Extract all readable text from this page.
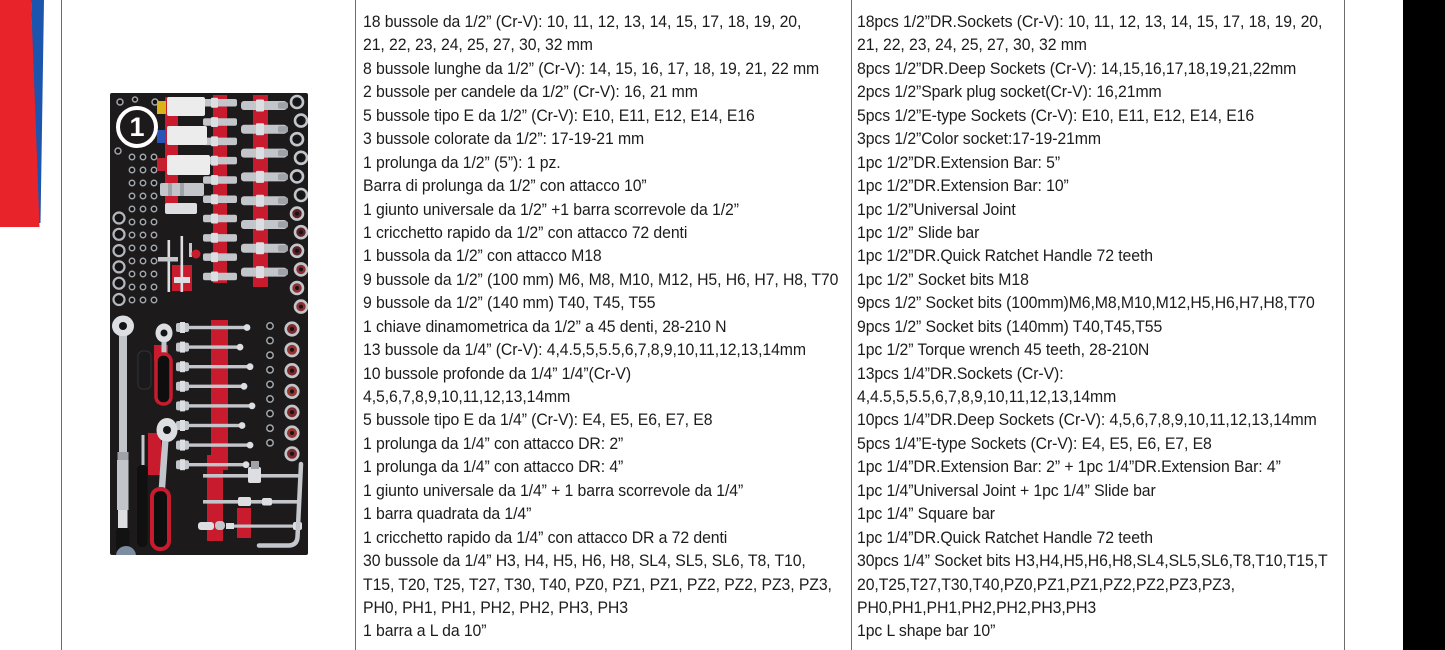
1
18 bussole da 1/2” (Cr-V): 10, 11, 12, 13, 14, 15, 17, 18, 19, 20,
21, 22, 23, 24, 25, 27, 30, 32 mm
8 bussole lunghe da 1/2” (Cr-V): 14, 15, 16, 17, 18, 19, 21, 22 mm
2 bussole per candele da 1/2” (Cr-V): 16, 21 mm
5 bussole tipo E da 1/2” (Cr-V): E10, E11, E12, E14, E16
3 bussole colorate da 1/2”: 17-19-21 mm
1 prolunga da 1/2” (5”): 1 pz.
Barra di prolunga da 1/2” con attacco 10”
1 giunto universale da 1/2” +1 barra scorrevole da 1/2”
1 cricchetto rapido da 1/2” con attacco 72 denti
1 bussola da 1/2” con attacco M18
9 bussole da 1/2” (100 mm) M6, M8, M10, M12, H5, H6, H7, H8, T70
9 bussole da 1/2” (140 mm) T40, T45, T55
1 chiave dinamometrica da 1/2” a 45 denti, 28-210 N
13 bussole da 1/4” (Cr-V): 4,4.5,5,5.5,6,7,8,9,10,11,12,13,14mm
10 bussole profonde da 1/4” 1/4”(Cr-V)
4,5,6,7,8,9,10,11,12,13,14mm
5 bussole tipo E da 1/4” (Cr-V): E4, E5, E6, E7, E8
1 prolunga da 1/4” con attacco DR: 2”
1 prolunga da 1/4” con attacco DR: 4”
1 giunto universale da 1/4” + 1 barra scorrevole da 1/4”
1 barra quadrata da 1/4”
1 cricchetto rapido da 1/4” con attacco DR a 72 denti
30 bussole da 1/4” H3, H4, H5, H6, H8, SL4, SL5, SL6, T8, T10,
T15, T20, T25, T27, T30, T40, PZ0, PZ1, PZ1, PZ2, PZ2, PZ3, PZ3,
PH0, PH1, PH1, PH2, PH2, PH3, PH3
1 barra a L da 10”
18pcs 1/2”DR.Sockets (Cr-V): 10, 11, 12, 13, 14, 15, 17, 18, 19, 20,
21, 22, 23, 24, 25, 27, 30, 32 mm
8pcs 1/2”DR.Deep Sockets (Cr-V): 14,15,16,17,18,19,21,22mm
2pcs 1/2”Spark plug socket(Cr-V): 16,21mm
5pcs 1/2”E-type Sockets (Cr-V): E10, E11, E12, E14, E16
3pcs 1/2”Color socket:17-19-21mm
1pc 1/2”DR.Extension Bar: 5”
1pc 1/2”DR.Extension Bar: 10”
1pc 1/2”Universal Joint
1pc 1/2” Slide bar
1pc 1/2”DR.Quick Ratchet Handle 72 teeth
1pc 1/2” Socket bits M18
9pcs 1/2” Socket bits (100mm)M6,M8,M10,M12,H5,H6,H7,H8,T70
9pcs 1/2” Socket bits (140mm) T40,T45,T55
1pc 1/2” Torque wrench 45 teeth, 28-210N
13pcs 1/4”DR.Sockets (Cr-V):
4,4.5,5,5.5,6,7,8,9,10,11,12,13,14mm
10pcs 1/4”DR.Deep Sockets (Cr-V): 4,5,6,7,8,9,10,11,12,13,14mm
5pcs 1/4”E-type Sockets (Cr-V): E4, E5, E6, E7, E8
1pc 1/4”DR.Extension Bar: 2” + 1pc 1/4”DR.Extension Bar: 4”
1pc 1/4”Universal Joint + 1pc 1/4” Slide bar
1pc 1/4” Square bar
1pc 1/4”DR.Quick Ratchet Handle 72 teeth
30pcs 1/4” Socket bits H3,H4,H5,H6,H8,SL4,SL5,SL6,T8,T10,T15,T
20,T25,T27,T30,T40,PZ0,PZ1,PZ1,PZ2,PZ2,PZ3,PZ3,
PH0,PH1,PH1,PH2,PH2,PH3,PH3
1pc L shape bar 10”
